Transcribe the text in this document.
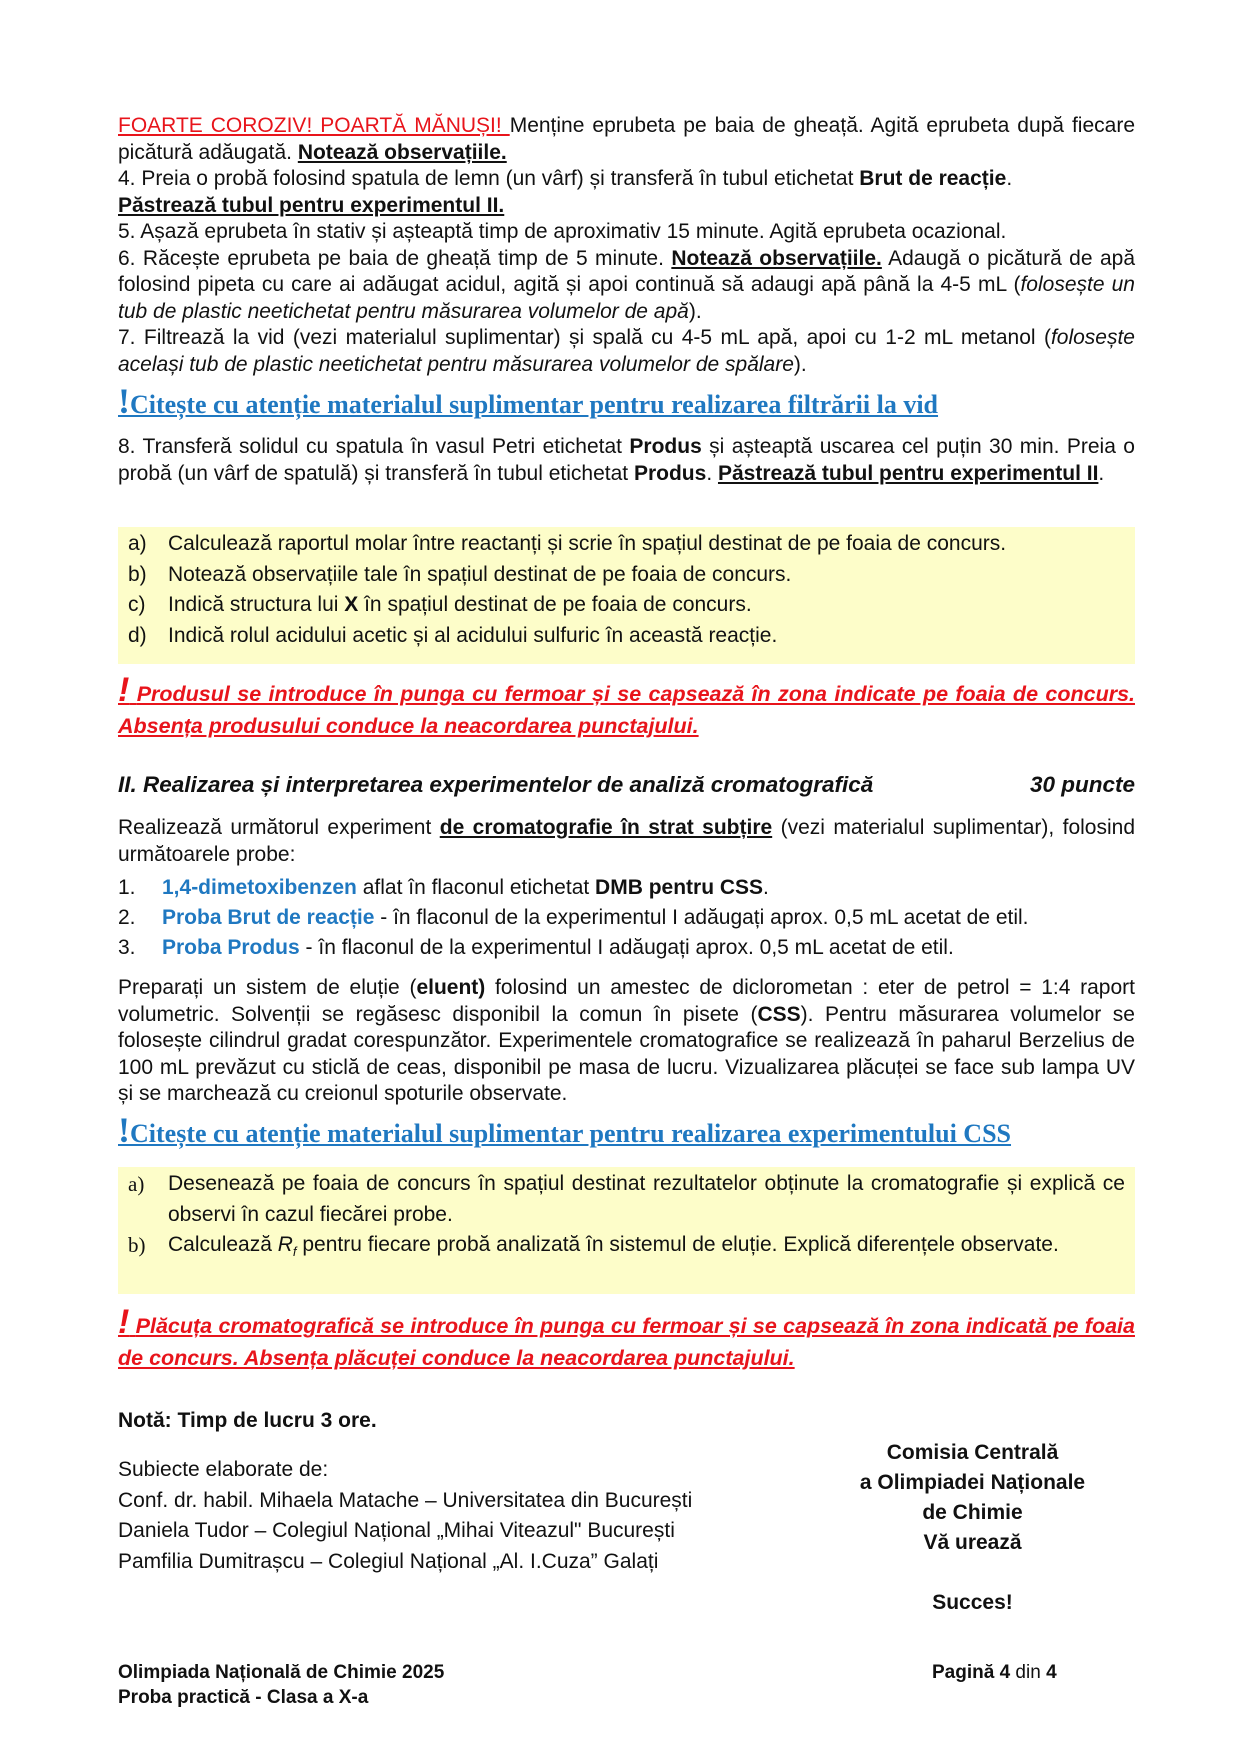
FOARTE COROZIV! POARTĂ MĂNUȘI! Menține eprubeta pe baia de gheață. Agită eprubeta după fiecare picătură adăugată. Notează observațiile.
4. Preia o probă folosind spatula de lemn (un vârf) și transferă în tubul etichetat Brut de reacție.
Păstrează tubul pentru experimentul II.
5. Așază eprubeta în stativ și așteaptă timp de aproximativ 15 minute. Agită eprubeta ocazional.
6. Răcește eprubeta pe baia de gheață timp de 5 minute. Notează observațiile. Adaugă o picătură de apă folosind pipeta cu care ai adăugat acidul, agită și apoi continuă să adaugi apă până la 4-5 mL (folosește un tub de plastic neetichetat pentru măsurarea volumelor de apă).
7. Filtrează la vid (vezi materialul suplimentar) și spală cu 4-5 mL apă, apoi cu 1-2 mL metanol (folosește același tub de plastic neetichetat pentru măsurarea volumelor de spălare).
!Citește cu atenție materialul suplimentar pentru realizarea filtrării la vid
8. Transferă solidul cu spatula în vasul Petri etichetat Produs și așteaptă uscarea cel puțin 30 min. Preia o probă (un vârf de spatulă) și transferă în tubul etichetat Produs. Păstrează tubul pentru experimentul II.
a)	Calculează raportul molar între reactanți și scrie în spațiul destinat de pe foaia de concurs.
b)	Notează observațiile tale în spațiul destinat de pe foaia de concurs.
c)	Indică structura lui X în spațiul destinat de pe foaia de concurs.
d)	Indică rolul acidului acetic și al acidului sulfuric în această reacție.
! Produsul se introduce în punga cu fermoar și se capsează în zona indicate pe foaia de concurs. Absența produsului conduce la neacordarea punctajului.
II. Realizarea și interpretarea experimentelor de analiză cromatografică	30 puncte
Realizează următorul experiment de cromatografie în strat subțire (vezi materialul suplimentar), folosind următoarele probe:
1.	1,4-dimetoxibenzen aflat în flaconul etichetat DMB pentru CSS.
2.	Proba Brut de reacție - în flaconul de la experimentul I adăugați aprox. 0,5 mL acetat de etil.
3.	Proba Produs - în flaconul de la experimentul I adăugați aprox. 0,5 mL acetat de etil.
Preparați un sistem de eluție (eluent) folosind un amestec de diclorometan : eter de petrol = 1:4 raport volumetric. Solvenții se regăsesc disponibil la comun în pisete (CSS). Pentru măsurarea volumelor se folosește cilindrul gradat corespunzător. Experimentele cromatografice se realizează în paharul Berzelius de 100 mL prevăzut cu sticlă de ceas, disponibil pe masa de lucru. Vizualizarea plăcuței se face sub lampa UV și se marchează cu creionul spoturile observate.
!Citește cu atenție materialul suplimentar pentru realizarea experimentului CSS
a)	Desenează pe foaia de concurs în spațiul destinat rezultatelor obținute la cromatografie și explică ce observi în cazul fiecărei probe.
b)	Calculează $R_f$ pentru fiecare probă analizată în sistemul de eluție. Explică diferențele observate.
! Plăcuța cromatografică se introduce în punga cu fermoar și se capsează în zona indicată pe foaia de concurs. Absența plăcuței conduce la neacordarea punctajului.
Notă: Timp de lucru 3 ore.
Subiecte elaborate de:
Conf. dr. habil. Mihaela Matache – Universitatea din București
Daniela Tudor – Colegiul Național „Mihai Viteazul" București
Pamfilia Dumitrașcu – Colegiul Național „Al. I.Cuza” Galați
Comisia Centrală
a Olimpiadei Naționale
de Chimie
Vă urează
Succes!
Olimpiada Națională de Chimie 2025
Proba practică - Clasa a X-a
Pagină 4 din 4
